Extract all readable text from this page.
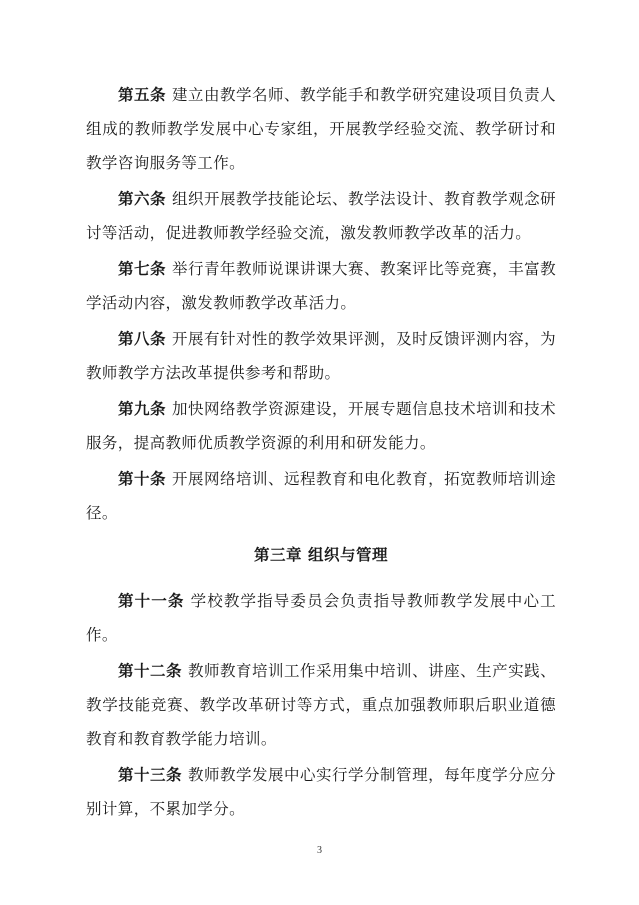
第五条 建立由教学名师、教学能手和教学研究建设项目负责人组成的教师教学发展中心专家组，开展教学经验交流、教学研讨和教学咨询服务等工作。

第六条 组织开展教学技能论坛、教学法设计、教育教学观念研讨等活动，促进教师教学经验交流，激发教师教学改革的活力。

第七条 举行青年教师说课讲课大赛、教案评比等竞赛，丰富教学活动内容，激发教师教学改革活力。

第八条 开展有针对性的教学效果评测，及时反馈评测内容，为教师教学方法改革提供参考和帮助。

第九条 加快网络教学资源建设，开展专题信息技术培训和技术服务，提高教师优质教学资源的利用和研发能力。

第十条 开展网络培训、远程教育和电化教育，拓宽教师培训途径。

第三章 组织与管理

第十一条 学校教学指导委员会负责指导教师教学发展中心工作。

第十二条 教师教育培训工作采用集中培训、讲座、生产实践、教学技能竞赛、教学改革研讨等方式，重点加强教师职后职业道德教育和教育教学能力培训。

第十三条 教师教学发展中心实行学分制管理，每年度学分应分别计算，不累加学分。

3
